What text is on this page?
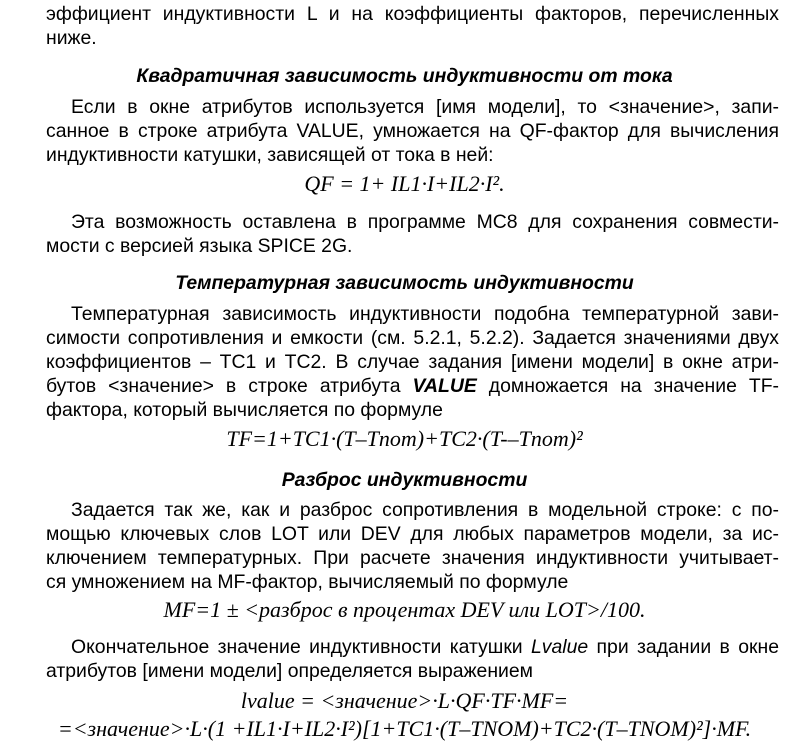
эффициент индуктивности L и на коэффициенты факторов, перечисленных
ниже.
Квадратичная зависимость индуктивности от тока
Если в окне атрибутов используется [имя модели], то <значение>, запи-
санное в строке атрибута VALUE, умножается на QF-фактор для вычисления
индуктивности катушки, зависящей от тока в ней:
QF = 1+ IL1·I+IL2·I².
Эта возможность оставлена в программе МС8 для сохранения совмести-
мости с версией языка SPICE 2G.
Температурная зависимость индуктивности
Температурная зависимость индуктивности подобна температурной зави-
симости сопротивления и емкости (см. 5.2.1, 5.2.2). Задается значениями двух
коэффициентов – TC1 и TC2. В случае задания [имени модели] в окне атри-
бутов <значение> в строке атрибута VALUE домножается на значение TF-
фактора, который вычисляется по формуле
TF=1+TC1·(T–Tnom)+TC2·(T-–Tnom)²
Разброс индуктивности
Задается так же, как и разброс сопротивления в модельной строке: с по-
мощью ключевых слов LOT или DEV для любых параметров модели, за ис-
ключением температурных. При расчете значения индуктивности учитывает-
ся умножением на MF-фактор, вычисляемый по формуле
MF=1 ± <разброс в процентах DEV или LOT>/100.
Окончательное значение индуктивности катушки Lvalue при задании в окне
атрибутов [имени модели] определяется выражением
lvalue = <значение>·L·QF·TF·MF=
=<значение>·L·(1 +IL1·I+IL2·I²)[1+TC1·(T–TNOM)+TC2·(T–TNOM)²]·MF.
